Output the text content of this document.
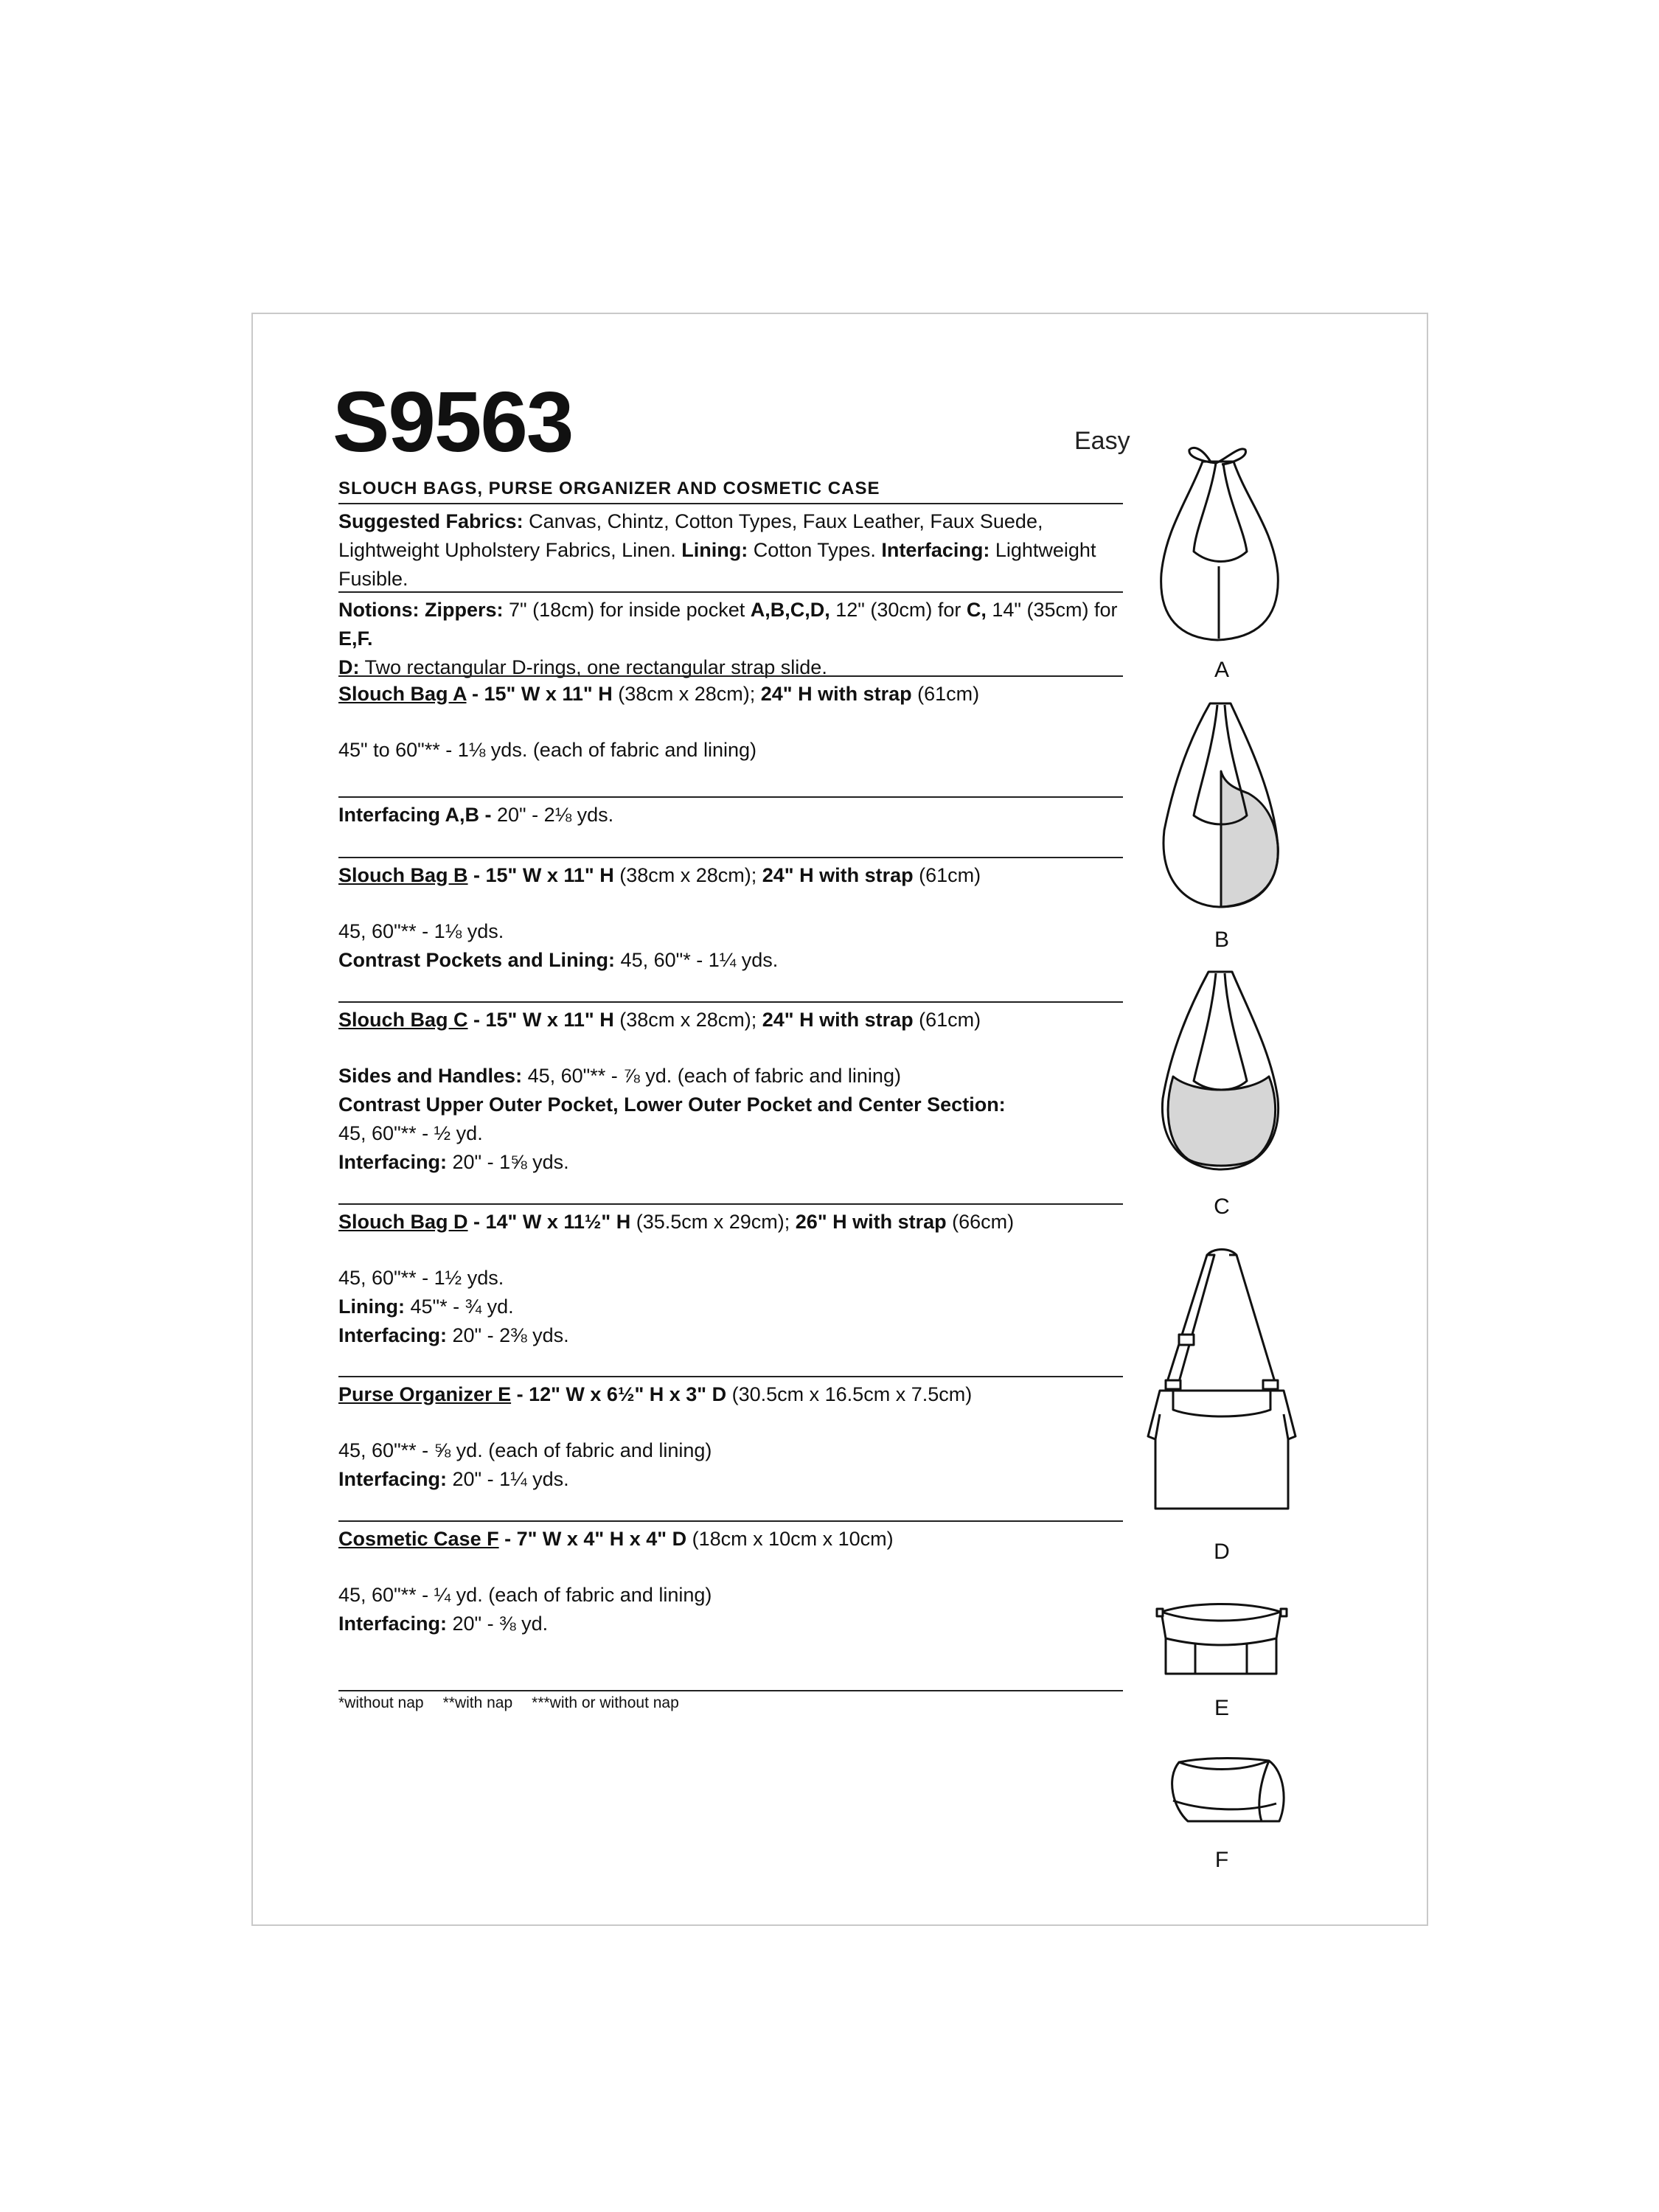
S9563	Easy
SLOUCH BAGS, PURSE ORGANIZER AND COSMETIC CASE
Suggested Fabrics: Canvas, Chintz, Cotton Types, Faux Leather, Faux Suede, Lightweight Upholstery Fabrics, Linen. Lining: Cotton Types. Interfacing: Lightweight Fusible.
Notions: Zippers: 7" (18cm) for inside pocket A,B,C,D, 12" (30cm) for C, 14" (35cm) for E,F.
D: Two rectangular D-rings, one rectangular strap slide.
Slouch Bag A - 15" W x 11" H (38cm x 28cm); 24" H with strap (61cm)
45" to 60"** - 1⅛ yds. (each of fabric and lining)
Interfacing A,B - 20" - 2⅛ yds.
Slouch Bag B - 15" W x 11" H (38cm x 28cm); 24" H with strap (61cm)
45, 60"** - 1⅛ yds.
Contrast Pockets and Lining: 45, 60"* - 1¼ yds.
Slouch Bag C - 15" W x 11" H (38cm x 28cm); 24" H with strap (61cm)
Sides and Handles: 45, 60"** - ⅞ yd. (each of fabric and lining)
Contrast Upper Outer Pocket, Lower Outer Pocket and Center Section:
45, 60"** - ½ yd.
Interfacing: 20" - 1⅝ yds.
Slouch Bag D - 14" W x 11½" H (35.5cm x 29cm); 26" H with strap (66cm)
45, 60"** - 1½ yds.
Lining: 45"* - ¾ yd.
Interfacing: 20" - 2⅜ yds.
Purse Organizer E - 12" W x 6½" H x 3" D (30.5cm x 16.5cm x 7.5cm)
45, 60"** - ⅝ yd. (each of fabric and lining)
Interfacing: 20" - 1¼ yds.
Cosmetic Case F - 7" W x 4" H x 4" D (18cm x 10cm x 10cm)
45, 60"** - ¼ yd. (each of fabric and lining)
Interfacing: 20" - ⅜ yd.
*without nap **with nap ***with or without nap
A
B
C
D
E
F
